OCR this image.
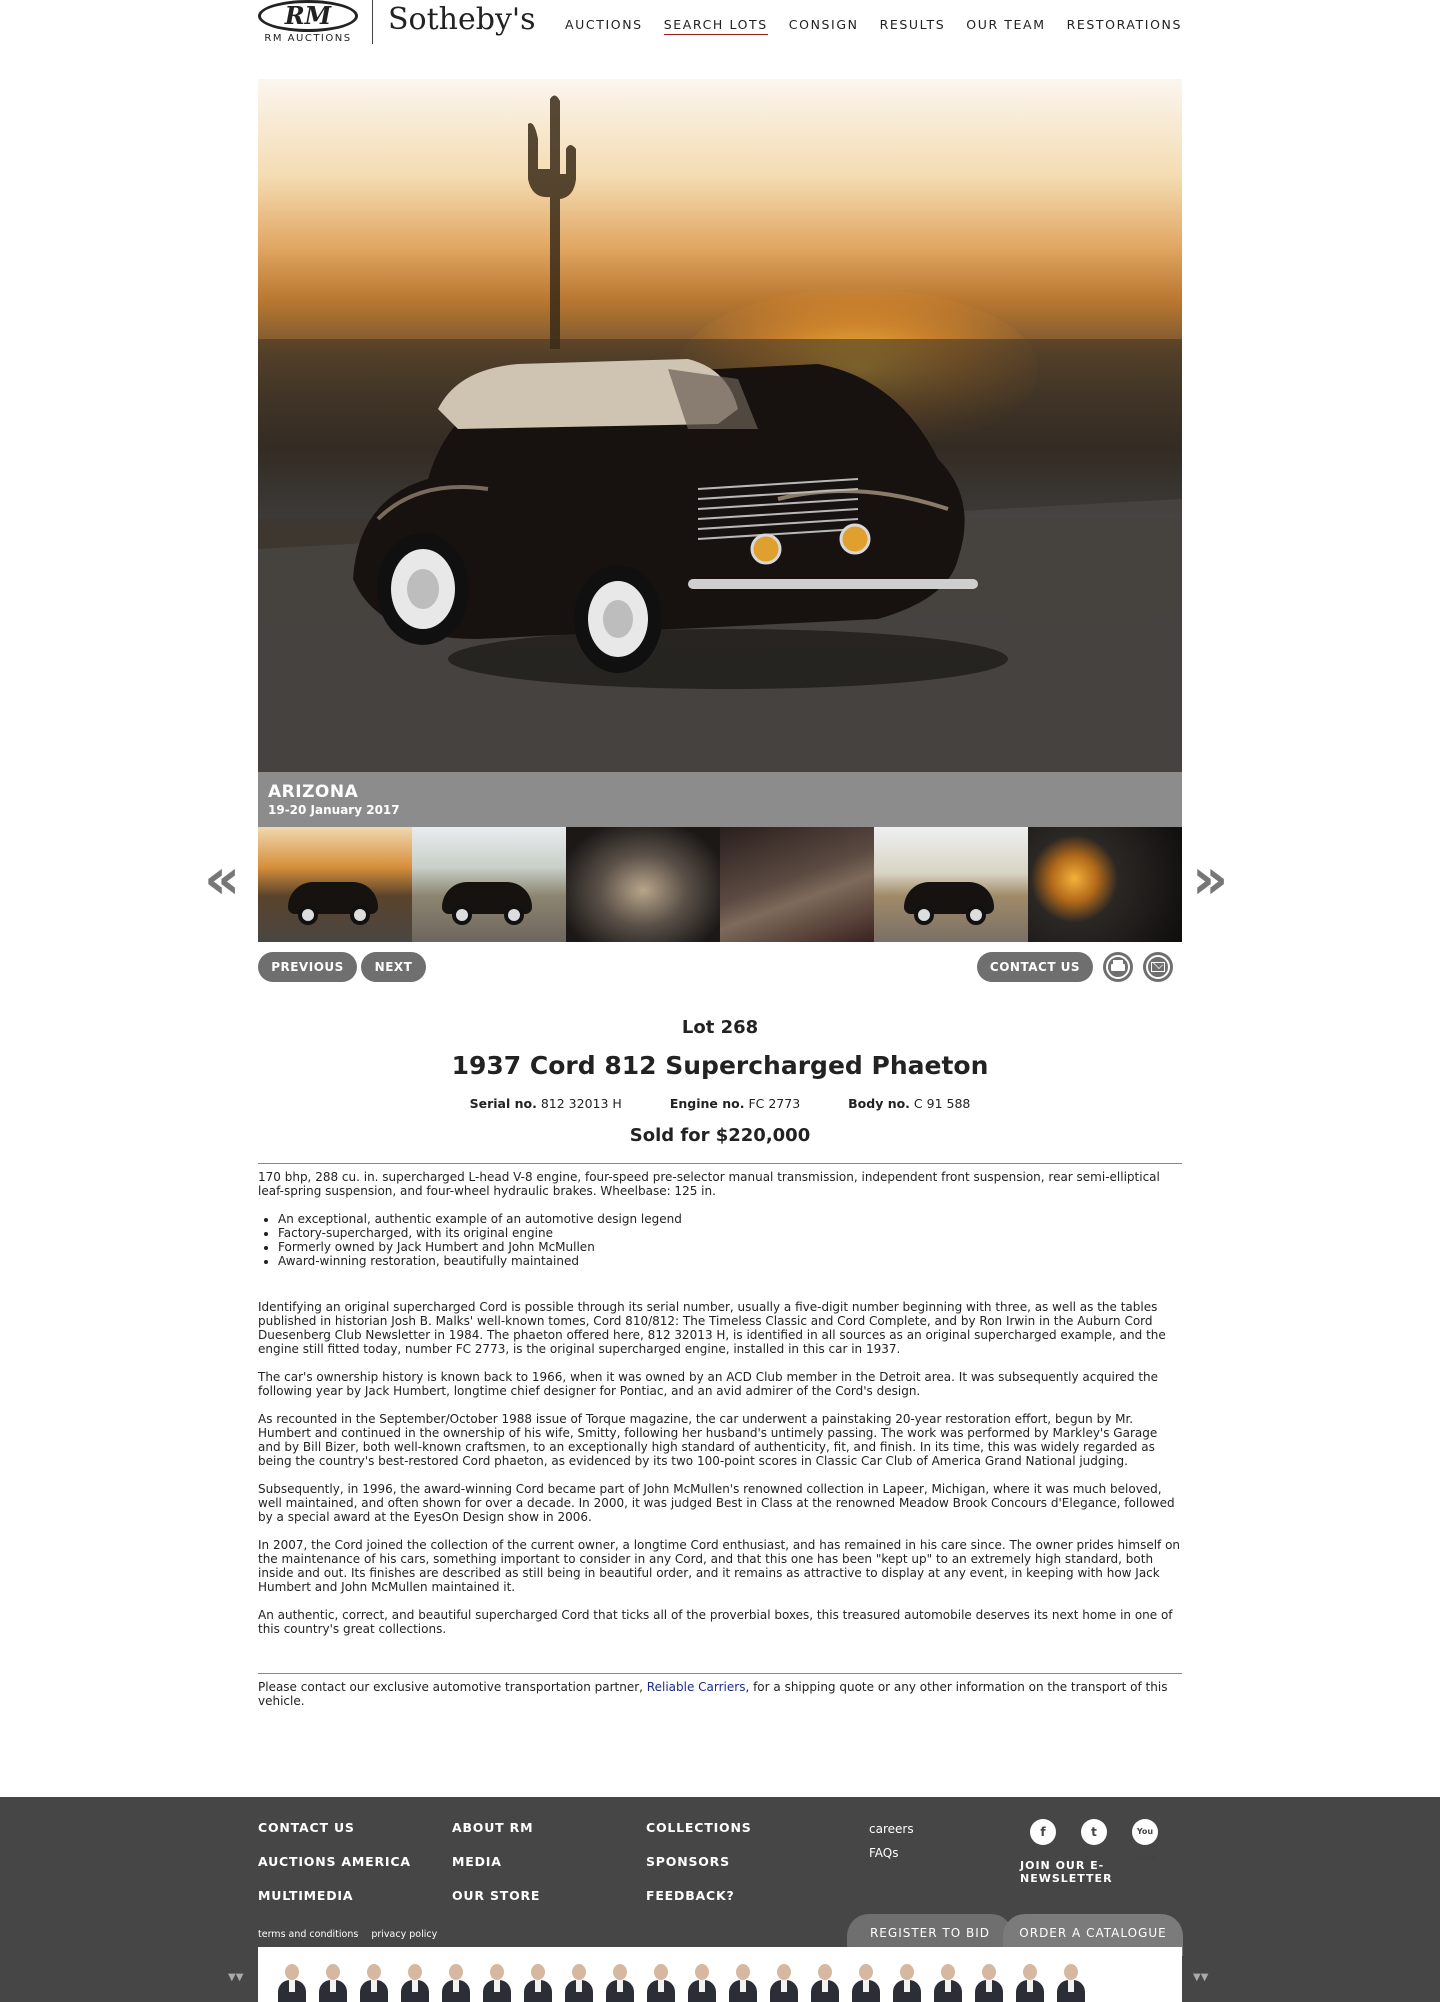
RM
RM AUCTIONS
Sotheby's AUCTIONS SEARCH LOTS CONSIGN RESULTS OUR TEAM RESTORATIONS
ARIZONA
19-20 January 2017
«	»
PREVIOUS	NEXT	CONTACT US
Lot 268
1937 Cord 812 Supercharged Phaeton
Serial no. 812 32013 H	Engine no. FC 2773	Body no. C 91 588
Sold for $220,000

170 bhp, 288 cu. in. supercharged L-head V-8 engine, four-speed pre-selector manual transmission, independent front suspension, rear semi-elliptical leaf-spring suspension, and four-wheel hydraulic brakes. Wheelbase: 125 in.

• An exceptional, authentic example of an automotive design legend
• Factory-supercharged, with its original engine
• Formerly owned by Jack Humbert and John McMullen
• Award-winning restoration, beautifully maintained

Identifying an original supercharged Cord is possible through its serial number, usually a five-digit number beginning with three, as well as the tables published in historian Josh B. Malks' well-known tomes, Cord 810/812: The Timeless Classic and Cord Complete, and by Ron Irwin in the Auburn Cord Duesenberg Club Newsletter in 1984. The phaeton offered here, 812 32013 H, is identified in all sources as an original supercharged example, and the engine still fitted today, number FC 2773, is the original supercharged engine, installed in this car in 1937.

The car's ownership history is known back to 1966, when it was owned by an ACD Club member in the Detroit area. It was subsequently acquired the following year by Jack Humbert, longtime chief designer for Pontiac, and an avid admirer of the Cord's design.

As recounted in the September/October 1988 issue of Torque magazine, the car underwent a painstaking 20-year restoration effort, begun by Mr. Humbert and continued in the ownership of his wife, Smitty, following her husband's untimely passing. The work was performed by Markley's Garage and by Bill Bizer, both well-known craftsmen, to an exceptionally high standard of authenticity, fit, and finish. In its time, this was widely regarded as being the country's best-restored Cord phaeton, as evidenced by its two 100-point scores in Classic Car Club of America Grand National judging.

Subsequently, in 1996, the award-winning Cord became part of John McMullen's renowned collection in Lapeer, Michigan, where it was much beloved, well maintained, and often shown for over a decade. In 2000, it was judged Best in Class at the renowned Meadow Brook Concours d'Elegance, followed by a special award at the EyesOn Design show in 2006.

In 2007, the Cord joined the collection of the current owner, a longtime Cord enthusiast, and has remained in his care since. The owner prides himself on the maintenance of his cars, something important to consider in any Cord, and that this one has been "kept up" to an extremely high standard, both inside and out. Its finishes are described as still being in beautiful order, and it remains as attractive to display at any event, in keeping with how Jack Humbert and John McMullen maintained it.

An authentic, correct, and beautiful supercharged Cord that ticks all of the proverbial boxes, this treasured automobile deserves its next home in one of this country's great collections.

Please contact our exclusive automotive transportation partner, Reliable Carriers, for a shipping quote or any other information on the transport of this vehicle.
CONTACT US
AUCTIONS AMERICA
MULTIMEDIA
ABOUT RM
MEDIA
OUR STORE
COLLECTIONS
SPONSORS
FEEDBACK?
careers
FAQs
f	t	You Tube
JOIN OUR E-NEWSLETTER
terms and conditions privacy policy	REGISTER TO BID	ORDER A CATALOGUE
▼▼	▼▼
